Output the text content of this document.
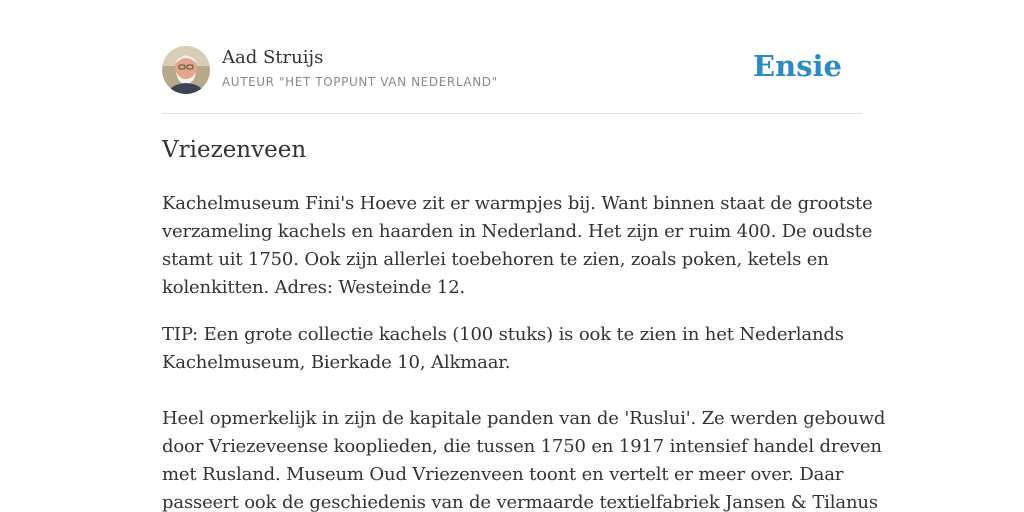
Aad Struijs
AUTEUR "HET TOPPUNT VAN NEDERLAND"	Ensie
Vriezenveen

Kachelmuseum Fini's Hoeve zit er warmpjes bij. Want binnen staat de grootste
verzameling kachels en haarden in Nederland. Het zijn er ruim 400. De oudste
stamt uit 1750. Ook zijn allerlei toebehoren te zien, zoals poken, ketels en
kolenkitten. Adres: Westeinde 12.

TIP: Een grote collectie kachels (100 stuks) is ook te zien in het Nederlands
Kachelmuseum, Bierkade 10, Alkmaar.

Heel opmerkelijk in zijn de kapitale panden van de 'Ruslui'. Ze werden gebouwd
door Vriezeveense kooplieden, die tussen 1750 en 1917 intensief handel dreven
met Rusland. Museum Oud Vriezenveen toont en vertelt er meer over. Daar
passeert ook de geschiedenis van de vermaarde textielfabriek Jansen & Tilanus
